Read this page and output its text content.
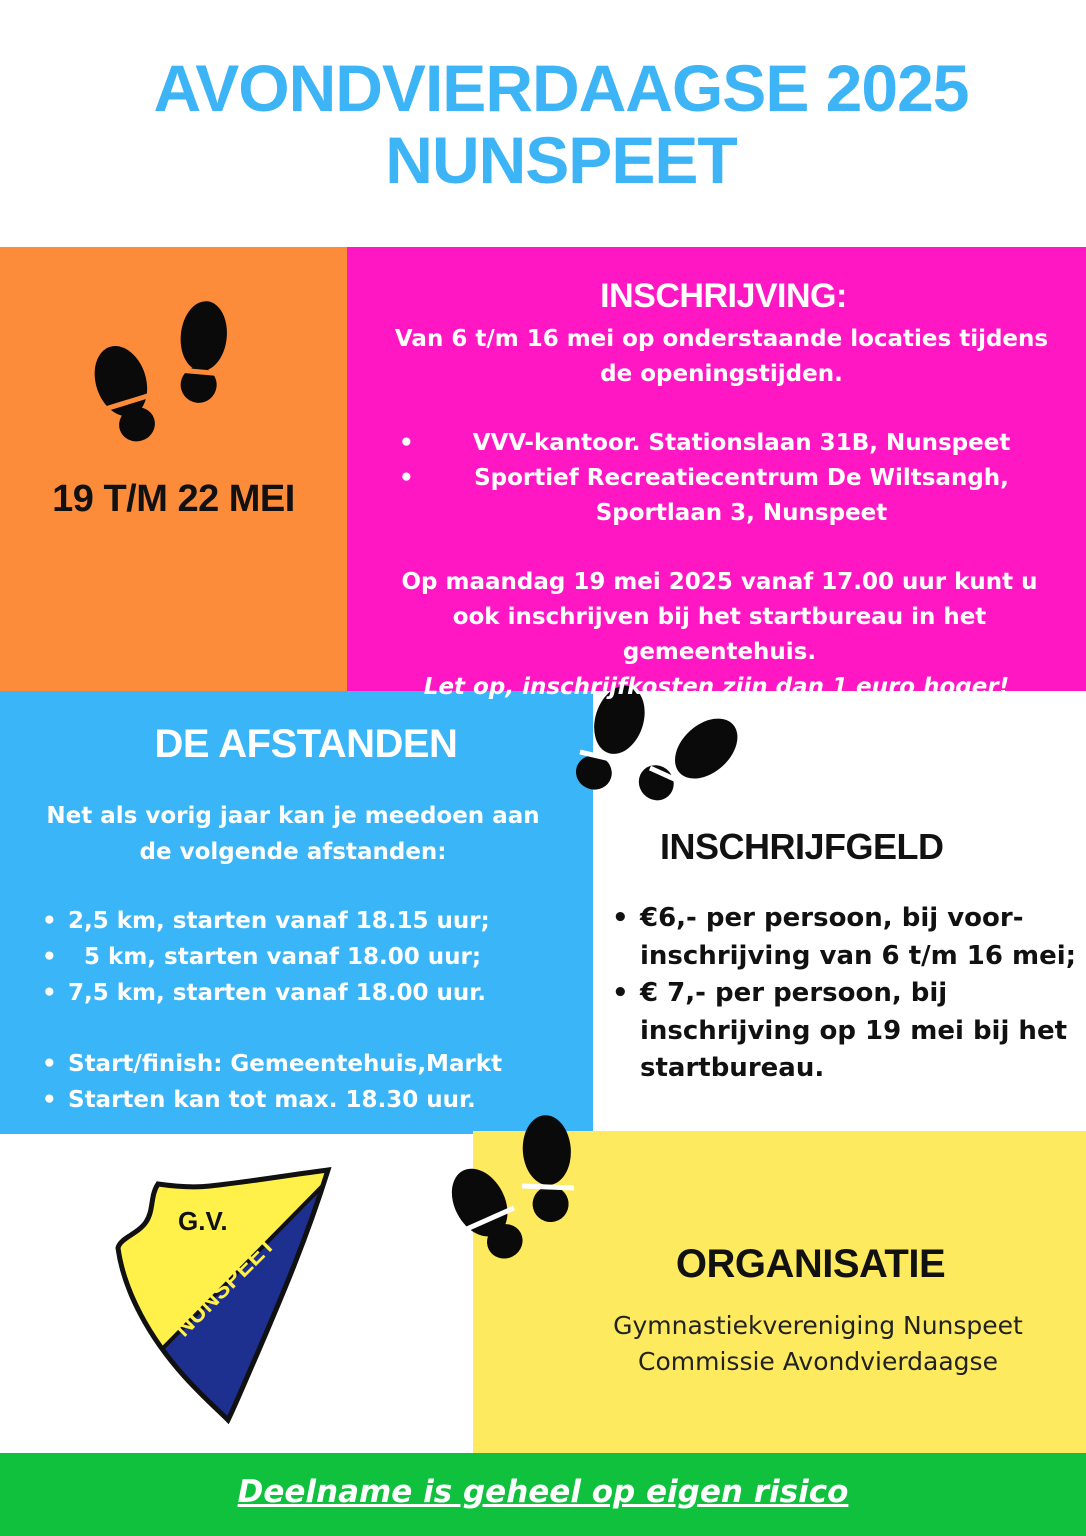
AVONDVIERDAAGSE 2025
NUNSPEET
19 T/M 22 MEI
INSCHRIJVING:

Van 6 t/m 16 mei op onderstaande locaties tijdens de openingstijden.

•	VVV-kantoor. Stationslaan 31B, Nunspeet
•	Sportief Recreatiecentrum De Wiltsangh, Sportlaan 3, Nunspeet

Op maandag 19 mei 2025 vanaf 17.00 uur kunt u ook inschrijven bij het startbureau in het gemeentehuis.

Let op, inschrijfkosten zijn dan 1 euro hoger!

DE AFSTANDEN

Net als vorig jaar kan je meedoen aan de volgende afstanden:

• 2,5 km, starten vanaf 18.15 uur;
• 5 km, starten vanaf 18.00 uur;
• 7,5 km, starten vanaf 18.00 uur.
• Start/finish: Gemeentehuis,Markt
• Starten kan tot max. 18.30 uur.
INSCHRIJFGELD
• €6,- per persoon, bij voor-inschrijving van 6 t/m 16 mei;
• € 7,- per persoon, bij inschrijving op 19 mei bij het startbureau.
G.V.
NUNSPEET	ORGANISATIE
Gymnastiekvereniging Nunspeet
Commissie Avondvierdaagse
Deelname is geheel op eigen risico
